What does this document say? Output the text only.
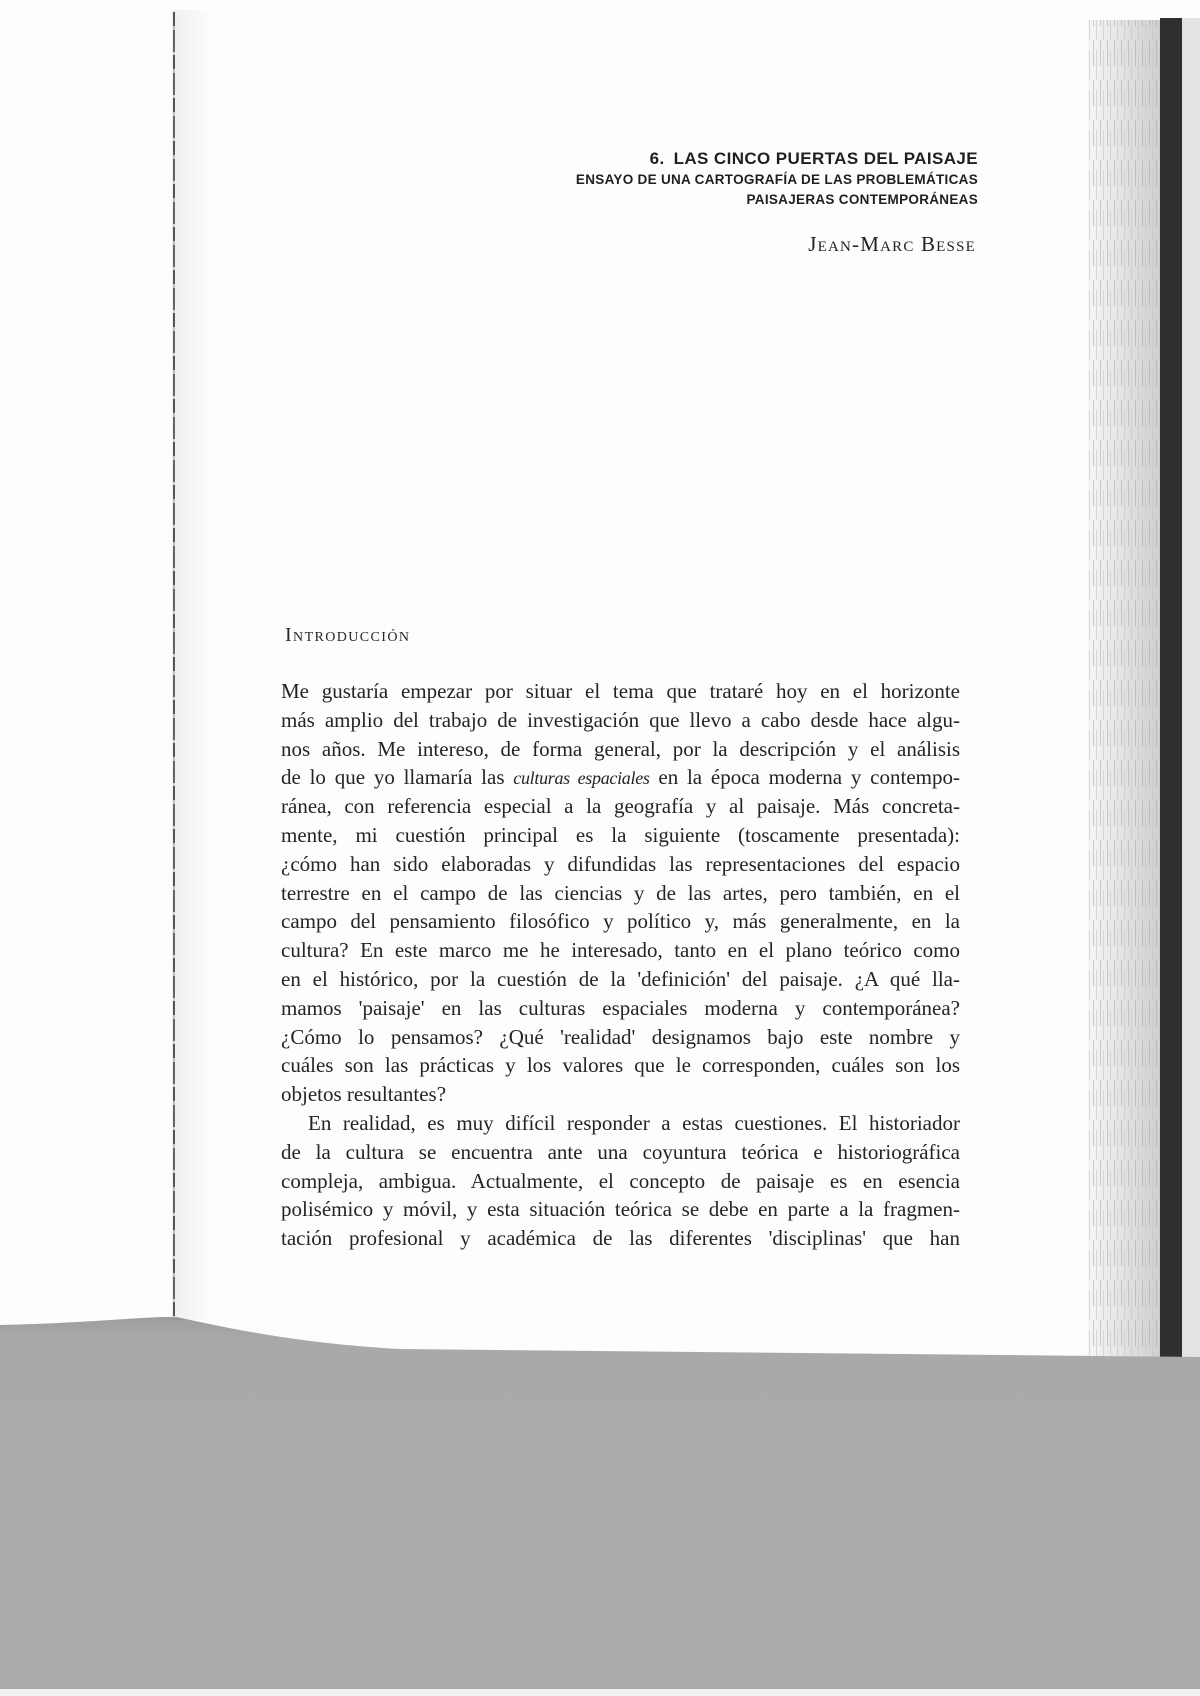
6. LAS CINCO PUERTAS DEL PAISAJE
ENSAYO DE UNA CARTOGRAFÍA DE LAS PROBLEMÁTICAS
PAISAJERAS CONTEMPORÁNEAS
Jean-Marc Besse
Introducción
Me gustaría empezar por situar el tema que trataré hoy en el horizonte
más amplio del trabajo de investigación que llevo a cabo desde hace algu-
nos años. Me intereso, de forma general, por la descripción y el análisis
de lo que yo llamaría las culturas espaciales en la época moderna y contempo-
ránea, con referencia especial a la geografía y al paisaje. Más concreta-
mente, mi cuestión principal es la siguiente (toscamente presentada):
¿cómo han sido elaboradas y difundidas las representaciones del espacio
terrestre en el campo de las ciencias y de las artes, pero también, en el
campo del pensamiento filosófico y político y, más generalmente, en la
cultura? En este marco me he interesado, tanto en el plano teórico como
en el histórico, por la cuestión de la 'definición' del paisaje. ¿A qué lla-
mamos 'paisaje' en las culturas espaciales moderna y contemporánea?
¿Cómo lo pensamos? ¿Qué 'realidad' designamos bajo este nombre y
cuáles son las prácticas y los valores que le corresponden, cuáles son los
objetos resultantes?
En realidad, es muy difícil responder a estas cuestiones. El historiador
de la cultura se encuentra ante una coyuntura teórica e historiográfica
compleja, ambigua. Actualmente, el concepto de paisaje es en esencia
polisémico y móvil, y esta situación teórica se debe en parte a la fragmen-
tación profesional y académica de las diferentes 'disciplinas' que han
